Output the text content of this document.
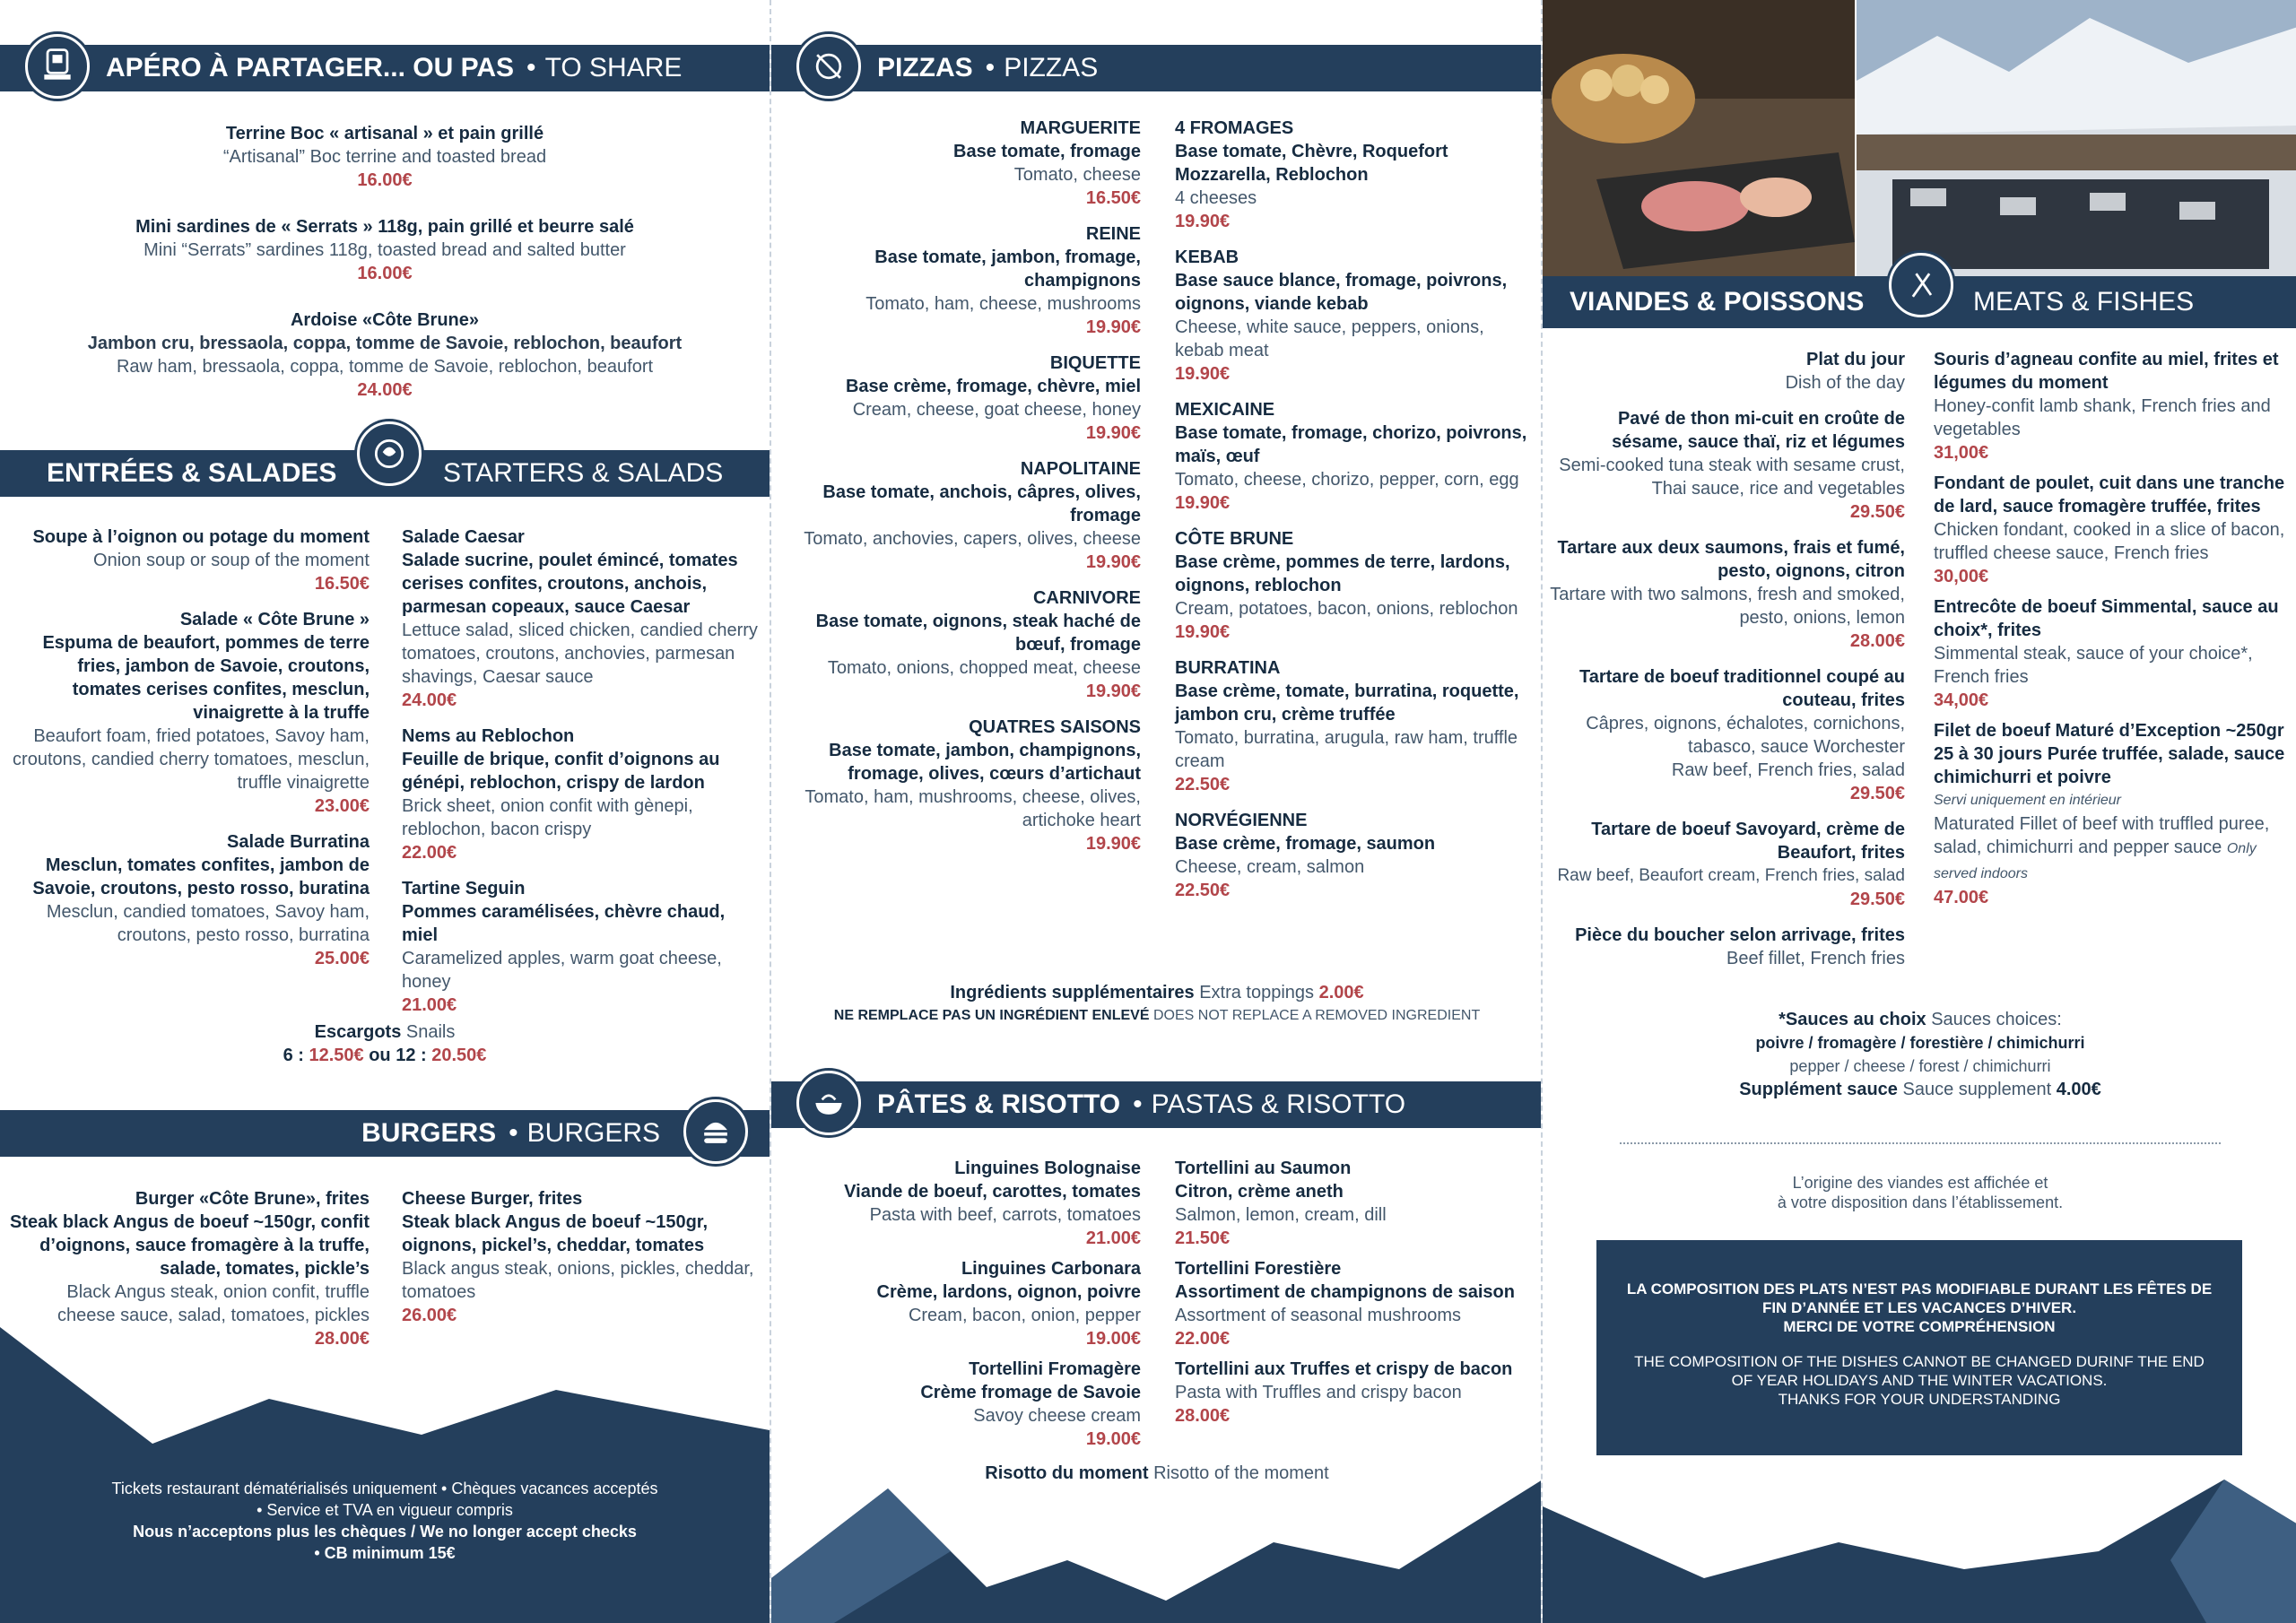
APÉRO À PARTAGER... OU PAS • TO SHARE
Terrine Boc « artisanal » et pain grillé
“Artisanal” Boc terrine and toasted bread
16.00€
Mini sardines de « Serrats » 118g, pain grillé et beurre salé
Mini “Serrats” sardines 118g, toasted bread and salted butter
16.00€
Ardoise «Côte Brune»
Jambon cru, bressaola, coppa, tomme de Savoie, reblochon, beaufort
Raw ham, bressaola, coppa, tomme de Savoie, reblochon, beaufort
24.00€
ENTRÉES & SALADES	STARTERS & SALADS
Soupe à l’oignon ou potage du moment
Onion soup or soup of the moment
16.50€
Salade « Côte Brune »
Espuma de beaufort, pommes de terre fries, jambon de Savoie, croutons, tomates cerises confites, mesclun, vinaigrette à la truffe
Beaufort foam, fried potatoes, Savoy ham, croutons, candied cherry tomatoes, mesclun, truffle vinaigrette
23.00€
Salade Burratina
Mesclun, tomates confites, jambon de Savoie, croutons, pesto rosso, buratina
Mesclun, candied tomatoes, Savoy ham, croutons, pesto rosso, burratina
25.00€
Salade Caesar
Salade sucrine, poulet émincé, tomates cerises confites, croutons, anchois, parmesan copeaux, sauce Caesar
Lettuce salad, sliced chicken, candied cherry tomatoes, croutons, anchovies, parmesan shavings, Caesar sauce
24.00€
Nems au Reblochon
Feuille de brique, confit d’oignons au génépi, reblochon, crispy de lardon
Brick sheet, onion confit with gènepi, reblochon, bacon crispy
22.00€
Tartine Seguin
Pommes caramélisées, chèvre chaud, miel
Caramelized apples, warm goat cheese, honey
21.00€
Escargots Snails
6 : 12.50€ ou 12 : 20.50€
BURGERS • BURGERS
Burger «Côte Brune», frites
Steak black Angus de boeuf ~150gr, confit d’oignons, sauce fromagère à la truffe, salade, tomates, pickle’s
Black Angus steak, onion confit, truffle cheese sauce, salad, tomatoes, pickles
28.00€
Cheese Burger, frites
Steak black Angus de boeuf ~150gr, oignons, pickel’s, cheddar, tomates
Black angus steak, onions, pickles, cheddar, tomatoes
26.00€
Tickets restaurant dématérialisés uniquement • Chèques vacances acceptés
• Service et TVA en vigueur compris
Nous n’acceptons plus les chèques / We no longer accept checks
• CB minimum 15€
PIZZAS • PIZZAS
MARGUERITE
Base tomate, fromage
Tomato, cheese
16.50€
REINE
Base tomate, jambon, fromage, champignons
Tomato, ham, cheese, mushrooms
19.90€
BIQUETTE
Base crème, fromage, chèvre, miel
Cream, cheese, goat cheese, honey
19.90€
NAPOLITAINE
Base tomate, anchois, câpres, olives, fromage
Tomato, anchovies, capers, olives, cheese
19.90€
CARNIVORE
Base tomate, oignons, steak haché de bœuf, fromage
Tomato, onions, chopped meat, cheese
19.90€
QUATRES SAISONS
Base tomate, jambon, champignons, fromage, olives, cœurs d’artichaut
Tomato, ham, mushrooms, cheese, olives, artichoke heart
19.90€
4 FROMAGES
Base tomate, Chèvre, Roquefort Mozzarella, Reblochon
4 cheeses
19.90€
KEBAB
Base sauce blance, fromage, poivrons, oignons, viande kebab
Cheese, white sauce, peppers, onions, kebab meat
19.90€
MEXICAINE
Base tomate, fromage, chorizo, poivrons, maïs, œuf
Tomato, cheese, chorizo, pepper, corn, egg
19.90€
CÔTE BRUNE
Base crème, pommes de terre, lardons, oignons, reblochon
Cream, potatoes, bacon, onions, reblochon
19.90€
BURRATINA
Base crème, tomate, burratina, roquette, jambon cru, crème truffée
Tomato, burratina, arugula, raw ham, truffle cream
22.50€
NORVÉGIENNE
Base crème, fromage, saumon
Cheese, cream, salmon
22.50€
Ingrédients supplémentaires Extra toppings 2.00€
NE REMPLACE PAS UN INGRÉDIENT ENLEVÉ DOES NOT REPLACE A REMOVED INGREDIENT
PÂTES & RISOTTO • PASTAS & RISOTTO
Linguines Bolognaise
Viande de boeuf, carottes, tomates
Pasta with beef, carrots, tomatoes
21.00€
Linguines Carbonara
Crème, lardons, oignon, poivre
Cream, bacon, onion, pepper
19.00€
Tortellini Fromagère
Crème fromage de Savoie
Savoy cheese cream
19.00€
Tortellini au Saumon
Citron, crème aneth
Salmon, lemon, cream, dill
21.50€
Tortellini Forestière
Assortiment de champignons de saison
Assortment of seasonal mushrooms
22.00€
Tortellini aux Truffes et crispy de bacon
Pasta with Truffles and crispy bacon
28.00€
Risotto du moment Risotto of the moment
VIANDES & POISSONS	MEATS & FISHES
Plat du jour
Dish of the day
Pavé de thon mi-cuit en croûte de sésame, sauce thaï, riz et légumes
Semi-cooked tuna steak with sesame crust, Thai sauce, rice and vegetables
29.50€
Tartare aux deux saumons, frais et fumé, pesto, oignons, citron
Tartare with two salmons, fresh and smoked, pesto, onions, lemon
28.00€
Tartare de boeuf traditionnel coupé au couteau, frites
Câpres, oignons, échalotes, cornichons, tabasco, sauce Worchester
Raw beef, French fries, salad
29.50€
Tartare de boeuf Savoyard, crème de Beaufort, frites
Raw beef, Beaufort cream, French fries, salad
29.50€
Pièce du boucher selon arrivage, frites
Beef fillet, French fries
Souris d’agneau confite au miel, frites et légumes du moment
Honey-confit lamb shank, French fries and vegetables
31,00€
Fondant de poulet, cuit dans une tranche de lard, sauce fromagère truffée, frites
Chicken fondant, cooked in a slice of bacon, truffled cheese sauce, French fries
30,00€
Entrecôte de boeuf Simmental, sauce au choix*, frites
Simmental steak, sauce of your choice*, French fries
34,00€
Filet de boeuf Maturé d’Exception ~250gr 25 à 30 jours Purée truffée, salade, sauce chimichurri et poivre
Servi uniquement en intérieur
Maturated Fillet of beef with truffled puree, salad, chimichurri and pepper sauce Only served indoors
47.00€
*Sauces au choix Sauces choices:
poivre / fromagère / forestière / chimichurri
pepper / cheese / forest / chimichurri
Supplément sauce Sauce supplement 4.00€
L’origine des viandes est affichée et
à votre disposition dans l’établissement.
LA COMPOSITION DES PLATS N’EST PAS MODIFIABLE DURANT LES FÊTES DE
FIN D’ANNÉE ET LES VACANCES D’HIVER.
MERCI DE VOTRE COMPRÉHENSION
THE COMPOSITION OF THE DISHES CANNOT BE CHANGED DURINF THE END
OF YEAR HOLIDAYS AND THE WINTER VACATIONS.
THANKS FOR YOUR UNDERSTANDING
